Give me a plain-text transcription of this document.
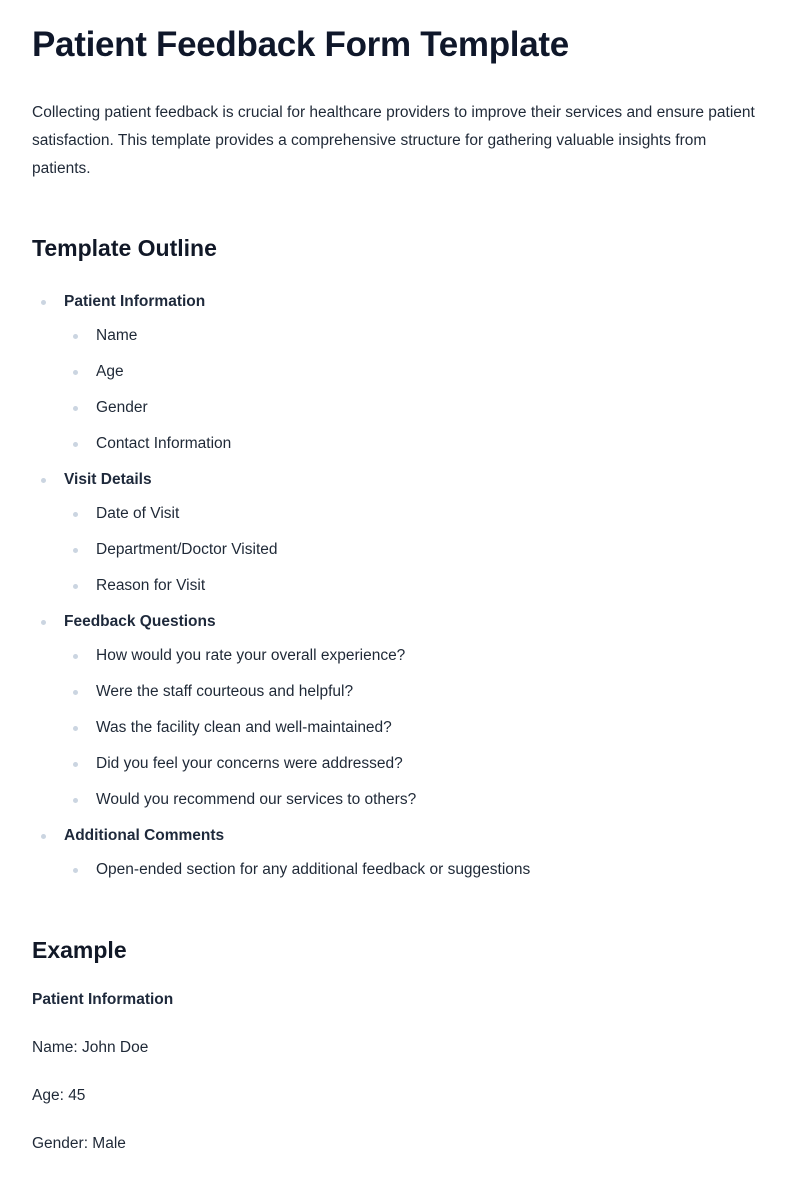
Patient Feedback Form Template

Collecting patient feedback is crucial for healthcare providers to improve their services and ensure patient satisfaction. This template provides a comprehensive structure for gathering valuable insights from patients.

Template Outline
Patient Information
Name
Age
Gender
Contact Information
Visit Details
Date of Visit
Department/Doctor Visited
Reason for Visit
Feedback Questions
How would you rate your overall experience?
Were the staff courteous and helpful?
Was the facility clean and well-maintained?
Did you feel your concerns were addressed?
Would you recommend our services to others?
Additional Comments
Open-ended section for any additional feedback or suggestions
Example

Patient Information

Name: John Doe

Age: 45

Gender: Male
